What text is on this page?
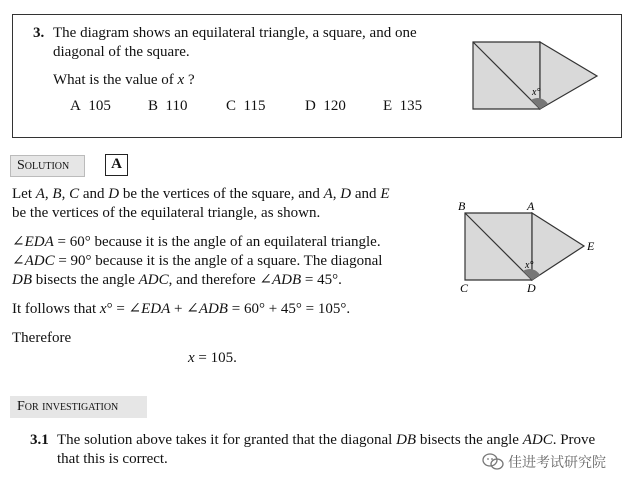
3. The diagram shows an equilateral triangle, a square, and one
diagonal of the square.
What is the value of x ?
A 105 B 110	C 115	D 120 E 135
x°
Solution	A
Let A, B, C and D be the vertices of the square, and A, D and E
be the vertices of the equilateral triangle, as shown.
∠EDA = 60° because it is the angle of an equilateral triangle.
∠ADC = 90° because it is the angle of a square. The diagonal
DB bisects the angle ADC, and therefore ∠ADB = 45°.
It follows that x° = ∠EDA + ∠ADB = 60° + 45° = 105°.
Therefore
x = 105.
x°
B	A
E
C	D
For investigation
3.1 The solution above takes it for granted that the diagonal DB bisects the angle ADC. Prove
that this is correct.	佳进考试研究院
